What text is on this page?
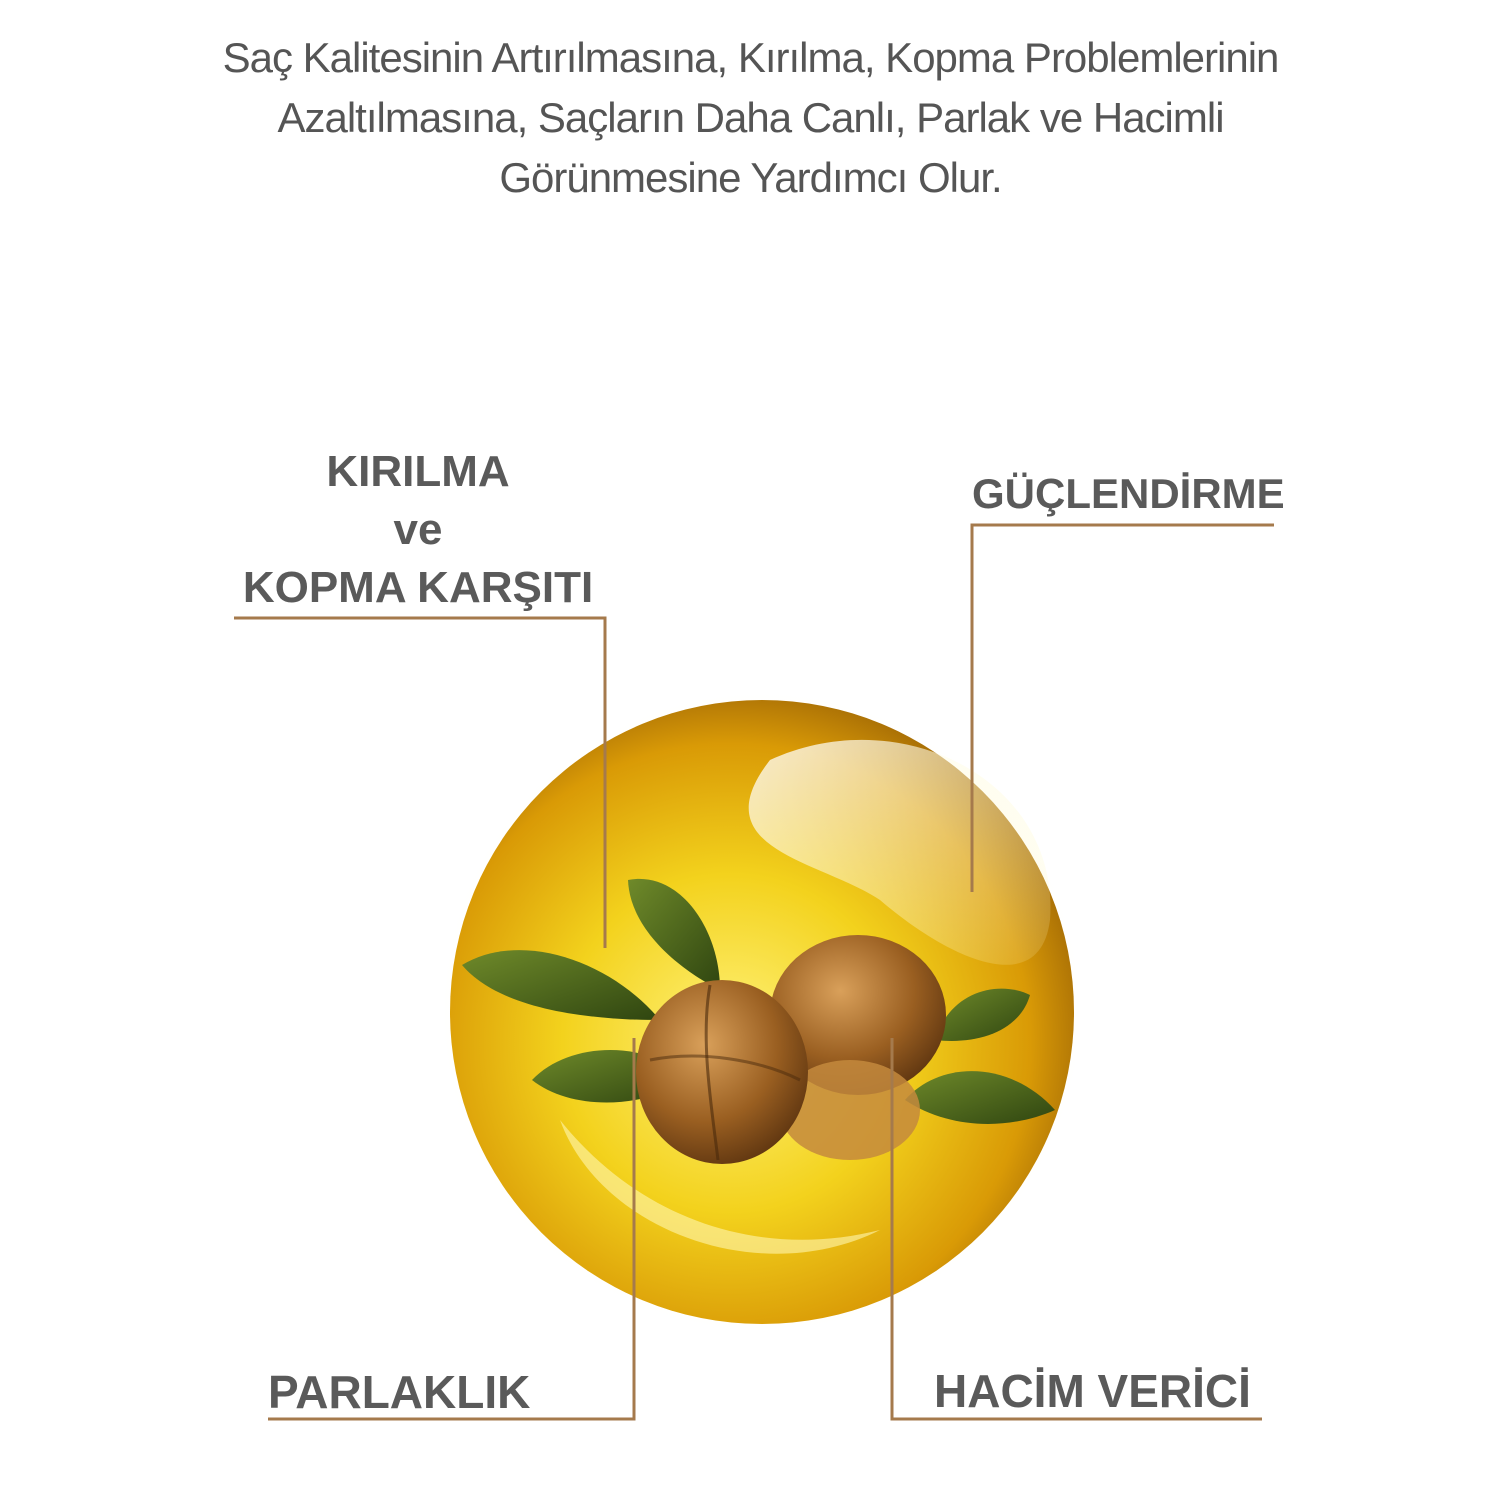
Saç Kalitesinin Artırılmasına, Kırılma, Kopma Problemlerinin
Azaltılmasına, Saçların Daha Canlı, Parlak ve Hacimli
Görünmesine Yardımcı Olur.
KIRILMA
ve
KOPMA KARŞITI
GÜÇLENDİRME
PARLAKLIK	HACİM VERİCİ
